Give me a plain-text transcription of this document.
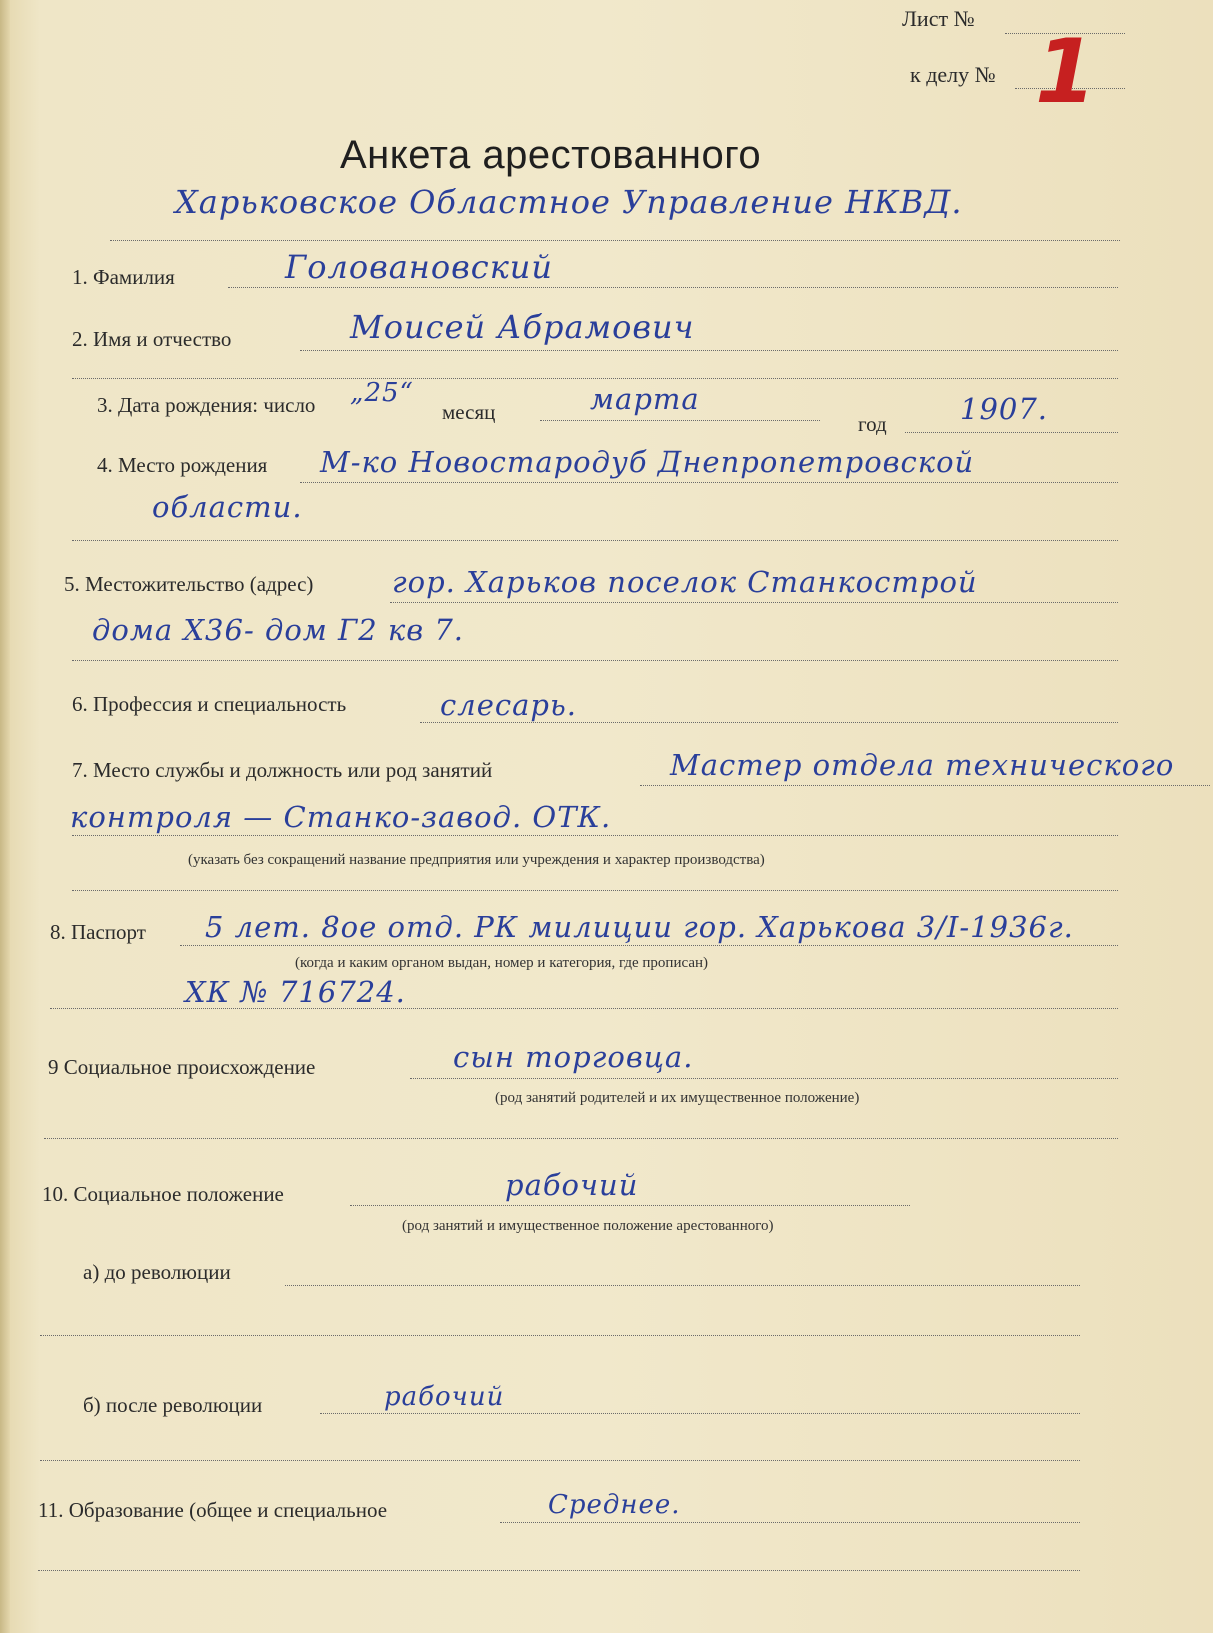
Лист №
к делу № 1
Анкета арестованного
Харьковское Областное Управление НКВД.
1. Фамилия	Головановский
2. Имя и отчество	Моисей Абрамович
3. Дата рождения: число „25“
месяц	марта
год	1907.
4. Место рождения М-ко Новостародуб Днепропетровской
области.
5. Местожительство (адрес)	гор. Харьков поселок Станкострой
дома Х36- дом Г2 кв 7.
6. Профессия и специальность	слесарь.
7. Место службы и должность или род занятий	Мастер отдела технического
контроля — Станко-завод. ОТК.
(указать без сокращений название предприятия или учреждения и характер производства)
8. Паспорт 5 лет. 8ое отд. РК милиции гор. Харькова 3/I-1936г.
(когда и каким органом выдан, номер и категория, где прописан)
ХК № 716724.
9 Социальное происхождение	сын торговца.
(род занятий родителей и их имущественное положение)
10. Социальное положение	рабочий
(род занятий и имущественное положение арестованного)
а) до революции
б) после революции	рабочий
11. Образование (общее и специальное	Среднее.
